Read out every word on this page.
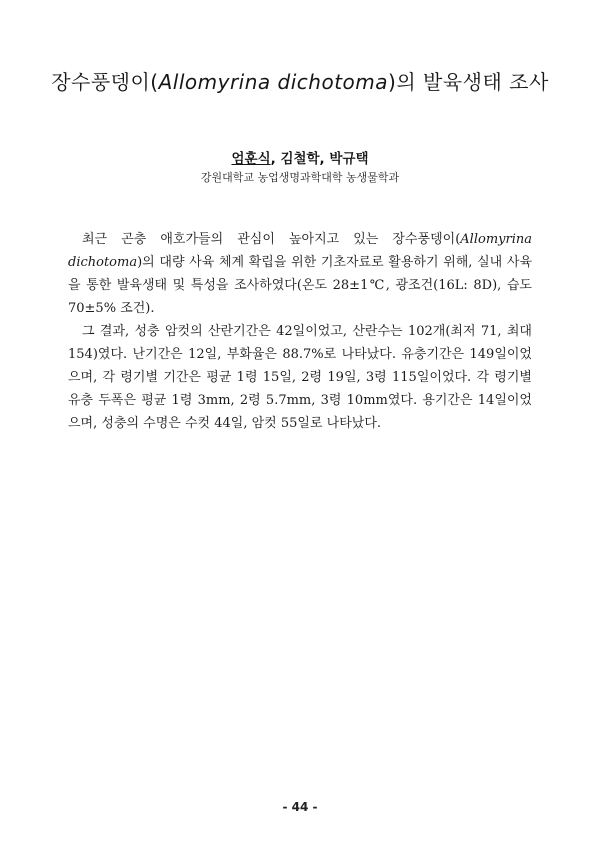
장수풍뎅이(Allomyrina dichotoma)의 발육생태 조사
엄훈식, 김철학, 박규택
강원대학교 농업생명과학대학 농생물학과

최근 곤충 애호가들의 관심이 높아지고 있는 장수풍뎅이(Allomyrina dichotoma)의 대량 사육 체계 확립을 위한 기초자료로 활용하기 위해, 실내 사육을 통한 발육생태 및 특성을 조사하였다(온도 28±1℃, 광조건(16L: 8D), 습도 70±5% 조건).

그 결과, 성충 암컷의 산란기간은 42일이었고, 산란수는 102개(최저 71, 최대 154)였다. 난기간은 12일, 부화율은 88.7%로 나타났다. 유충기간은 149일이었으며, 각 령기별 기간은 평균 1령 15일, 2령 19일, 3령 115일이었다. 각 령기별 유충 두폭은 평균 1령 3mm, 2령 5.7mm, 3령 10mm였다. 용기간은 14일이었으며, 성충의 수명은 수컷 44일, 암컷 55일로 나타났다.

- 44 -
